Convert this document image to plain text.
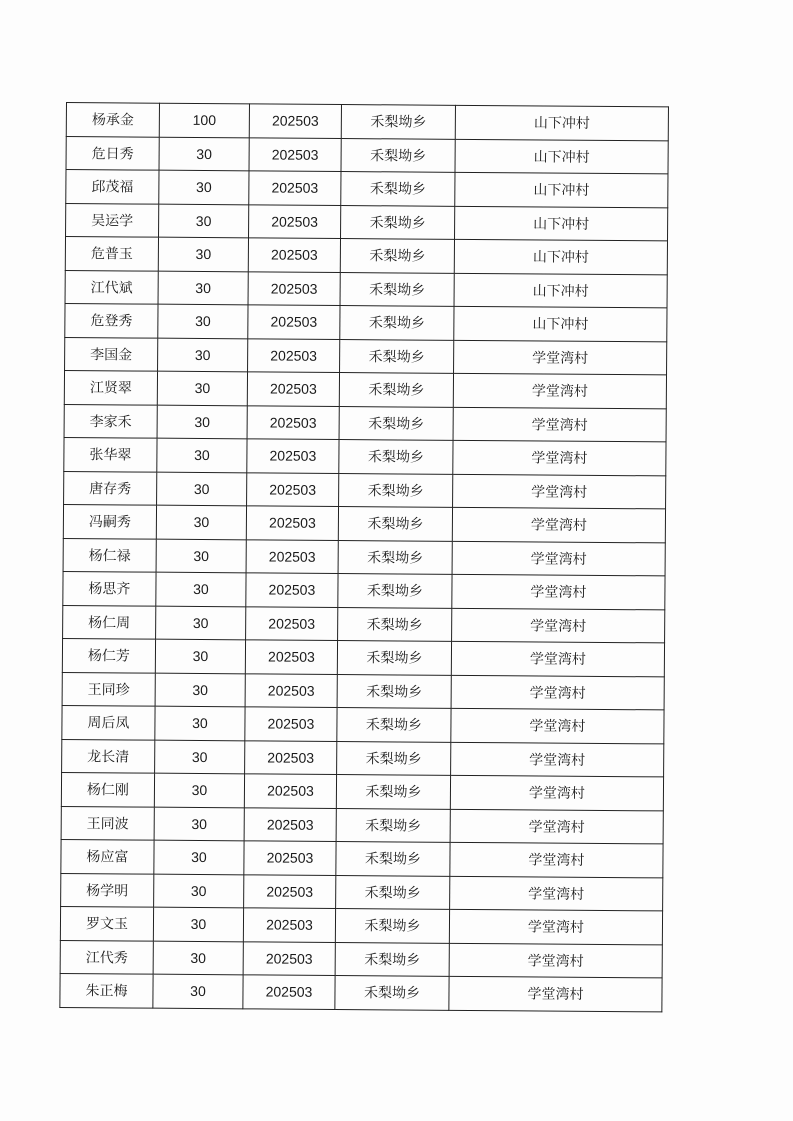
杨承金	100	202503	禾梨坳乡	山下冲村
危日秀	30	202503	禾梨坳乡	山下冲村
邱茂福	30	202503	禾梨坳乡	山下冲村
吴运学	30	202503	禾梨坳乡	山下冲村
危普玉	30	202503	禾梨坳乡	山下冲村
江代斌	30	202503	禾梨坳乡	山下冲村
危登秀	30	202503	禾梨坳乡	山下冲村
李国金	30	202503	禾梨坳乡	学堂湾村
江贤翠	30	202503	禾梨坳乡	学堂湾村
李家禾	30	202503	禾梨坳乡	学堂湾村
张华翠	30	202503	禾梨坳乡	学堂湾村
唐存秀	30	202503	禾梨坳乡	学堂湾村
冯嗣秀	30	202503	禾梨坳乡	学堂湾村
杨仁禄	30	202503	禾梨坳乡	学堂湾村
杨思齐	30	202503	禾梨坳乡	学堂湾村
杨仁周	30	202503	禾梨坳乡	学堂湾村
杨仁芳	30	202503	禾梨坳乡	学堂湾村
王同珍	30	202503	禾梨坳乡	学堂湾村
周后凤	30	202503	禾梨坳乡	学堂湾村
龙长清	30	202503	禾梨坳乡	学堂湾村
杨仁刚	30	202503	禾梨坳乡	学堂湾村
王同波	30	202503	禾梨坳乡	学堂湾村
杨应富	30	202503	禾梨坳乡	学堂湾村
杨学明	30	202503	禾梨坳乡	学堂湾村
罗文玉	30	202503	禾梨坳乡	学堂湾村
江代秀	30	202503	禾梨坳乡	学堂湾村
朱正梅	30	202503	禾梨坳乡	学堂湾村
